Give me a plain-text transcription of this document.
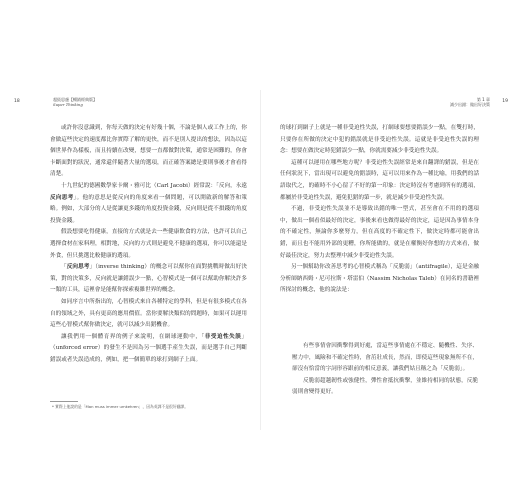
18	超級思慮【暢銷經典版】
Super Thinking

或許你沒意識到，你每天做的決定有好幾十個，不論是個人或工作上的，你會做這些決定的速度都比你實際了解的更快，而不是別人提出的想法，因為以這個世界作為樣板，而且持續在改變，想要一直都做對決策，通常是困難的，你會卡斷面對的狀況，通常還伴隨著大量的選項，而正確答案總是要則事後才會看得清楚。

十九世紀的德國數學家卡爾・雅可比（Carl Jacobi）經常說：「反向，永遠反向思考」。他的意思是從反向的角度來看一個問題，可以開啟新的解答和策略。例如，大部分的人是從讓更多錢的角度投資金錢，反向則是從不損錢的角度投資金錢。

假設想要吃得健康，直接的方式就是去一些健康飲食的方法，也許可以自己選擇食材在家料理，相對地，反向的方式則是避免不健康的選項，你可以能還是外食，但只挑選比較健康的選項。

「反向思考」（inverse thinking）的概念可以幫你在面對挑戰時做出好決策，對的決策多，反向就是讓錯誤少一點，心智模式是一個可以幫助你解決許多一類的工具，這裡會是能幫你探索複雜世界的概念。

如同序言中所指出的，心智模式來自各種特定的學科，但是有很多模式在各自的領域之外，具有更高的應用價值。當你要解決類似的問題時，如果可以運用這些心智模式幫你做決定，就可以減少出錯機會。

讓我們用一個體育界的例子來說明，在網球運動中，「非受迫性失誤」（unforced error）的發生不是因為另一個選手產生失誤，而是選手自己判斷錯誤或者失誤造成的，例如，把一個簡單的球打到網子上面。

* 實際上他說的是「Man muss immer umkehren」，因為英譯不是很好翻譯。
第 1 章
減少出錯：做出好決策
19

的球打到網子上就是一種非受迫性失誤，打網球要想要錯誤少一點，在雙打時，只要你在所做的決定中犯的錯誤就是非受迫性失誤。這就是非受迫性失誤的理念：想要在做決定時犯錯誤少一點，你就需要減少非受迫性失誤。

這種可以運用在哪些地方呢？非受迫性失誤經常是來自翻譯的錯誤，但是在任何狀況下，當出現可以避免的錯誤時，這可以用來作為一種比喻，用我們的話語取代之，的確時不小心留了不好的第一印象：決定時沒有考慮到所有的選項，都屬於非受迫性失誤，避免犯錯的第一步，就是減少非受迫性失誤。

不過，非受迫性失誤並不是導致出錯的唯一型式，甚至會在不用的的選項中，做出一個看似最好的決定，事後來看也做得最好的決定，這是因為事情本身的不確定性，無論你多麼努力，但在高度的不確定性下，做決定時都可能會出錯，而且也不能用外部的更糟，你所能做的，就是在權衡好你想的方式來看，做好最佳決定，努力去整理中減少非受迫性失誤。

另一個幫助你改善思考的心智模式稱為「反脆弱」（antifragile），這是金融分析師納西姆・尼可拉斯・塔雷伯（Nassim Nicholas Taleb）在同名的書籍裡所探討的概念，他的說法是：

有些事情會因衝擊得到好處，當這些事情處在不穩定、隨機性、失序、壓力中，風險和不確定性時，會茁壯成長，然而，即使這些現象無所不在，卻沒有恰當的字詞形容跟前的相反意義，讓我們姑且稱之為「反脆弱」。

反脆弱超越韌性或強健性，彈性會抵抗衝擊，並維持相同的狀態，反脆弱則會變得更好。
